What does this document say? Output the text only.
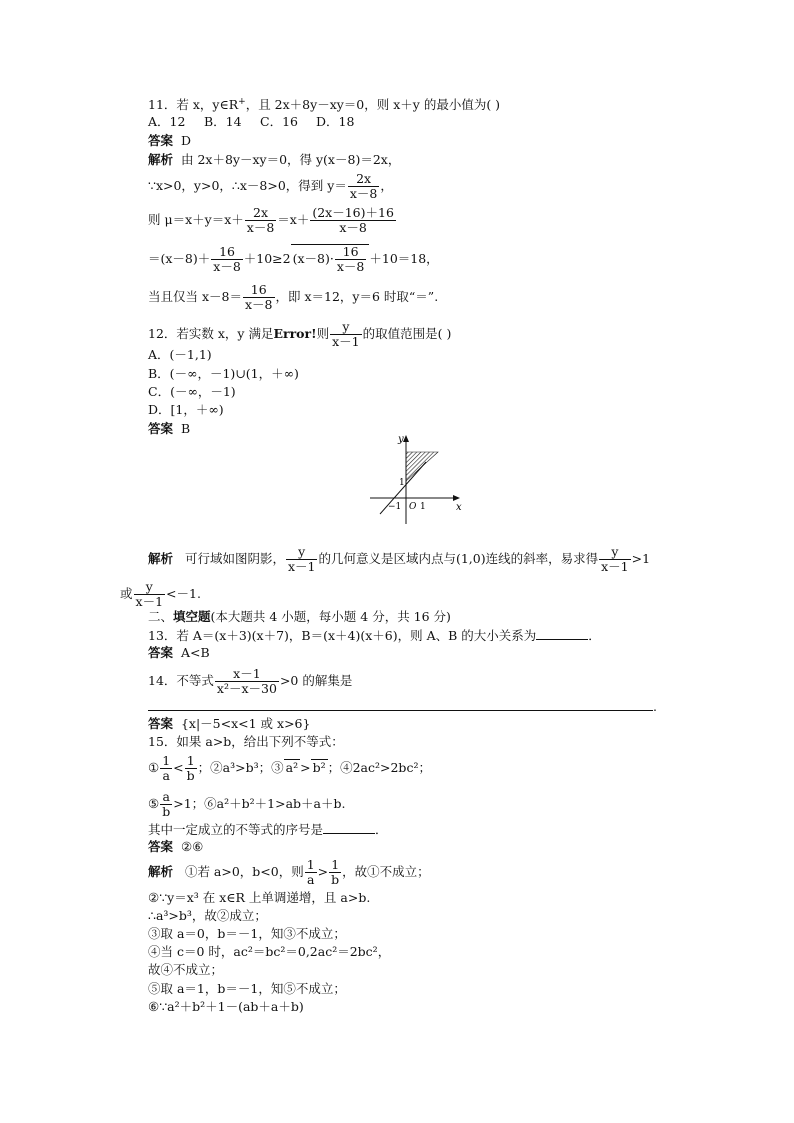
11．若 x，y∈R+，且 2x＋8y－xy＝0，则 x＋y 的最小值为( )
A．12 B．14 C．16 D．18
答案 D
解析 由 2x＋8y－xy＝0，得 y(x－8)＝2x，
∵x>0，y>0，∴x－8>0，得到 $y= \frac{2x}{x-8}$ ，
则 $\mu=x+y=x+ \frac{2x}{x-8} =x+ \frac{(2x-16)+16}{x-8}$
$=(x-8)+ \frac{16}{x-8} +10\ge 2$ $(x-8)\cdot \frac{16}{x-8} +10=18$，
当且仅当 $x-8= \frac{16}{x-8}$ ，即 x＝12，y＝6 时取“＝”.
12．若实数 x，y 满足Error!则 $\frac{y}{x-1}$ 的取值范围是( )
A．(－1,1)
B．(－∞，－1)∪(1，＋∞)
C．(－∞，－1)
D．[1，＋∞)
答案 B
y
x
1
−1 O 1
解析 可行域如图阴影， $\frac{y}{x-1}$ 的几何意义是区域内点与(1,0)连线的斜率，易求得 $\frac{y}{x-1} >1$
或 $\frac{y}{x-1} <-1$.
二、填空题(本大题共 4 小题，每小题 4 分，共 16 分)
13．若 A＝(x＋3)(x＋7)，B＝(x＋4)(x＋6)，则 A、B 的大小关系为	．
答案 A<B
14．不等式 $\frac{x-1}{\text{x²－x－30}} >0$ 的解集是
.
答案 {x|－5<x<1 或 x>6}
15．如果 a>b，给出下列不等式：
① $\frac{1}{a} < \frac{1}{b}$ ；②a³>b³；③ a² > b² ；④2ac²>2bc²；
⑤ $\frac{a}{b} >1$；⑥a²＋b²＋1>ab＋a＋b.
其中一定成立的不等式的序号是	．
答案 ②⑥
解析 ①若 a>0，b<0，则 $\frac{1}{a} > \frac{1}{b}$ ，故①不成立；
②∵y＝x³ 在 x∈R 上单调递增，且 a>b.
∴a³>b³，故②成立；
③取 a＝0，b＝－1，知③不成立；
④当 c＝0 时，ac²＝bc²＝0,2ac²＝2bc²，
故④不成立；
⑤取 a＝1，b＝－1，知⑤不成立；
⑥∵a²＋b²＋1－(ab＋a＋b)
